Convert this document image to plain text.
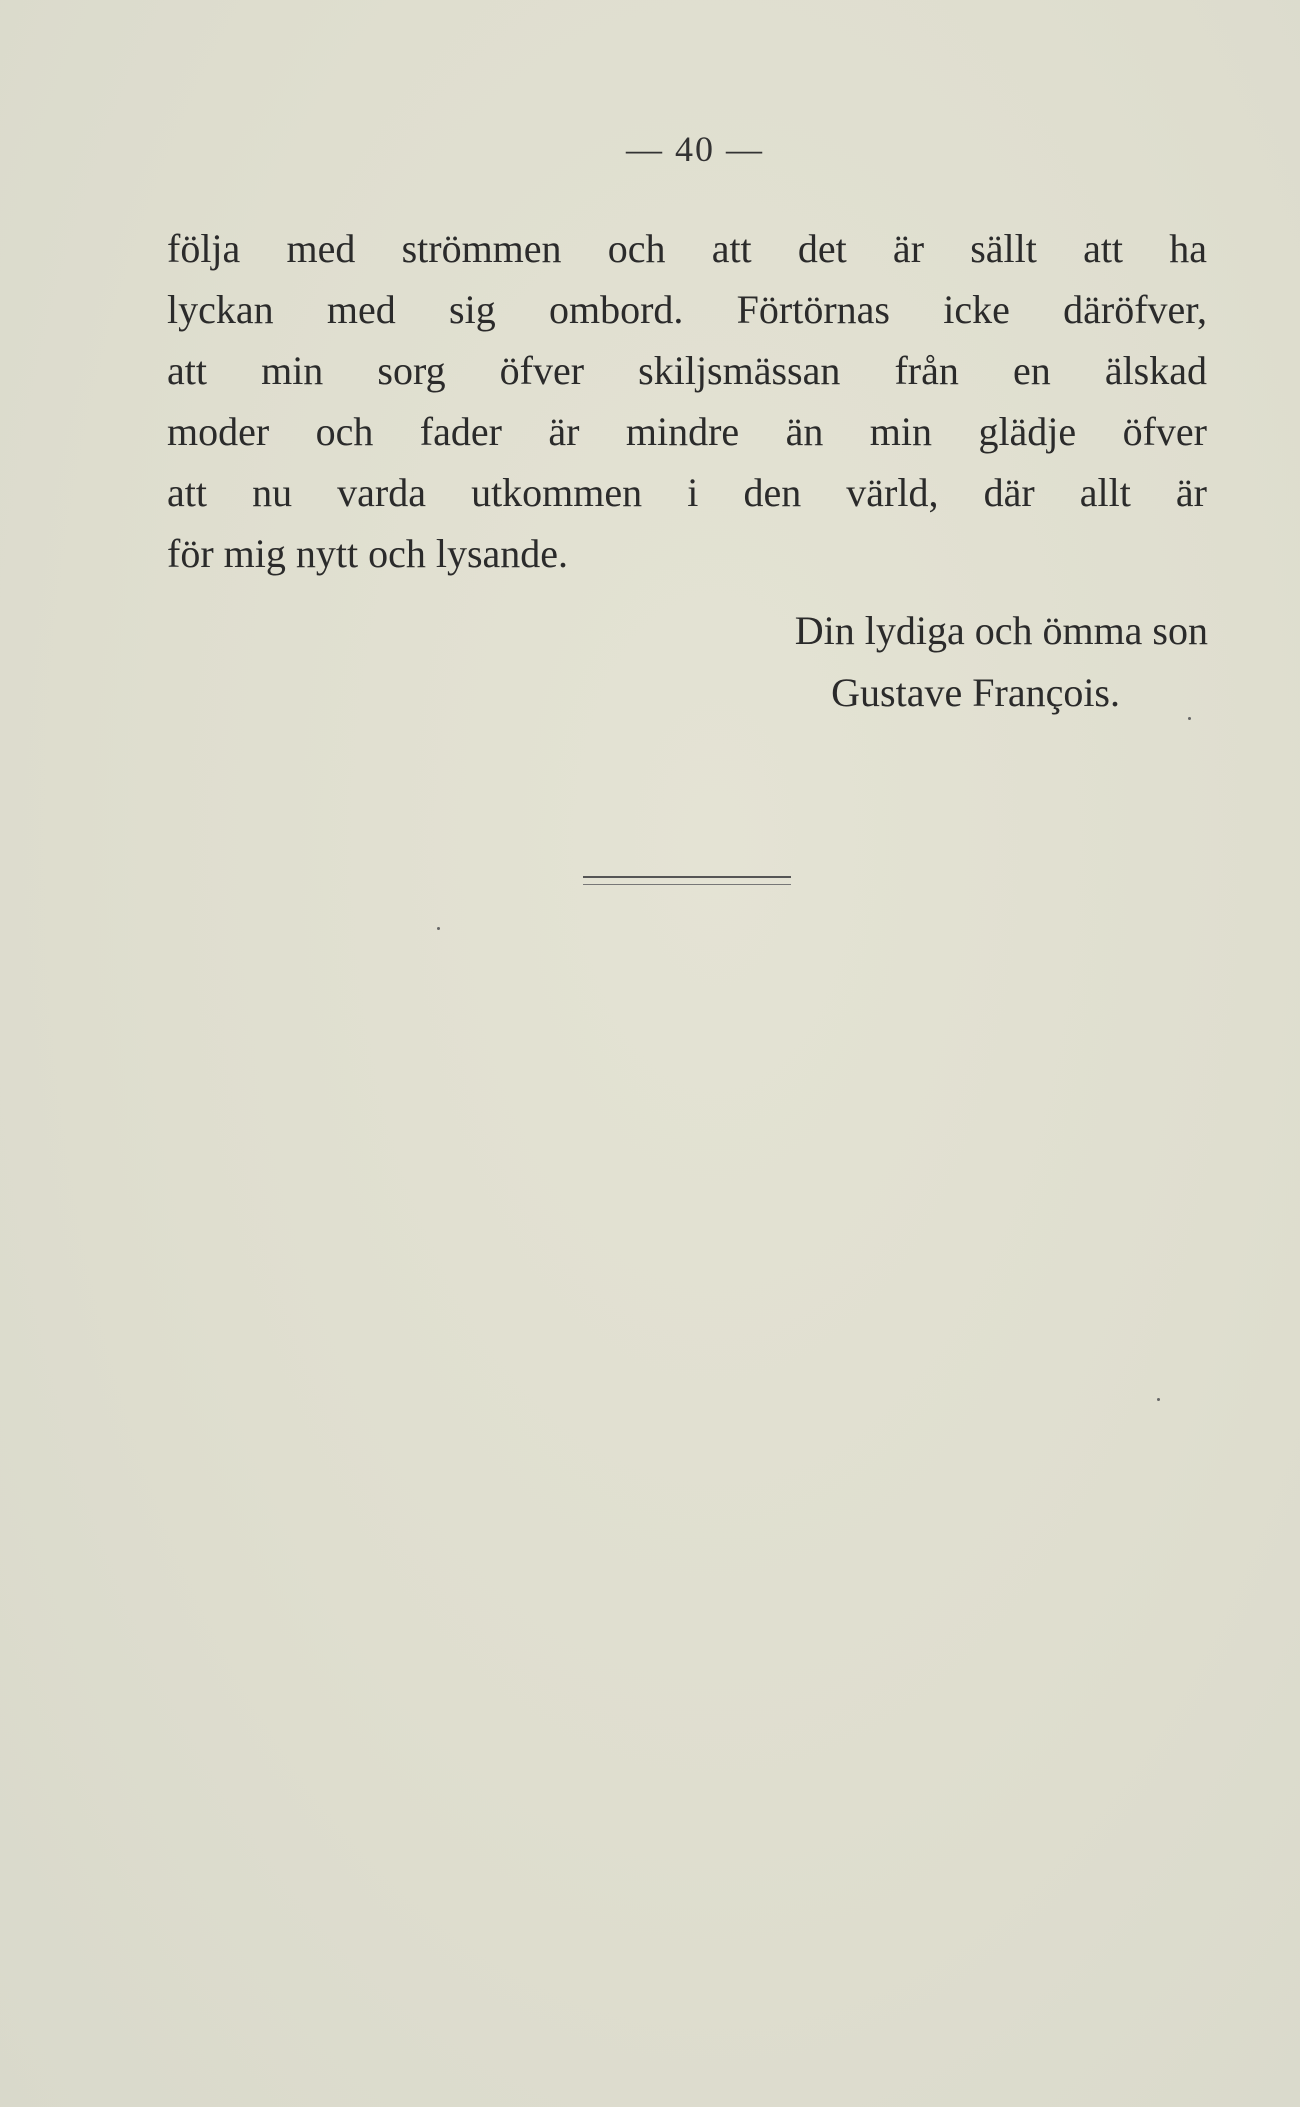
— 40 —
följa med strömmen och att det är sällt att ha
lyckan med sig ombord. Förtörnas icke däröfver,
att min sorg öfver skiljsmässan från en älskad
moder och fader är mindre än min glädje öfver
att nu varda utkommen i den värld, där allt är
för mig nytt och lysande.
Din lydiga och ömma son
Gustave François.
